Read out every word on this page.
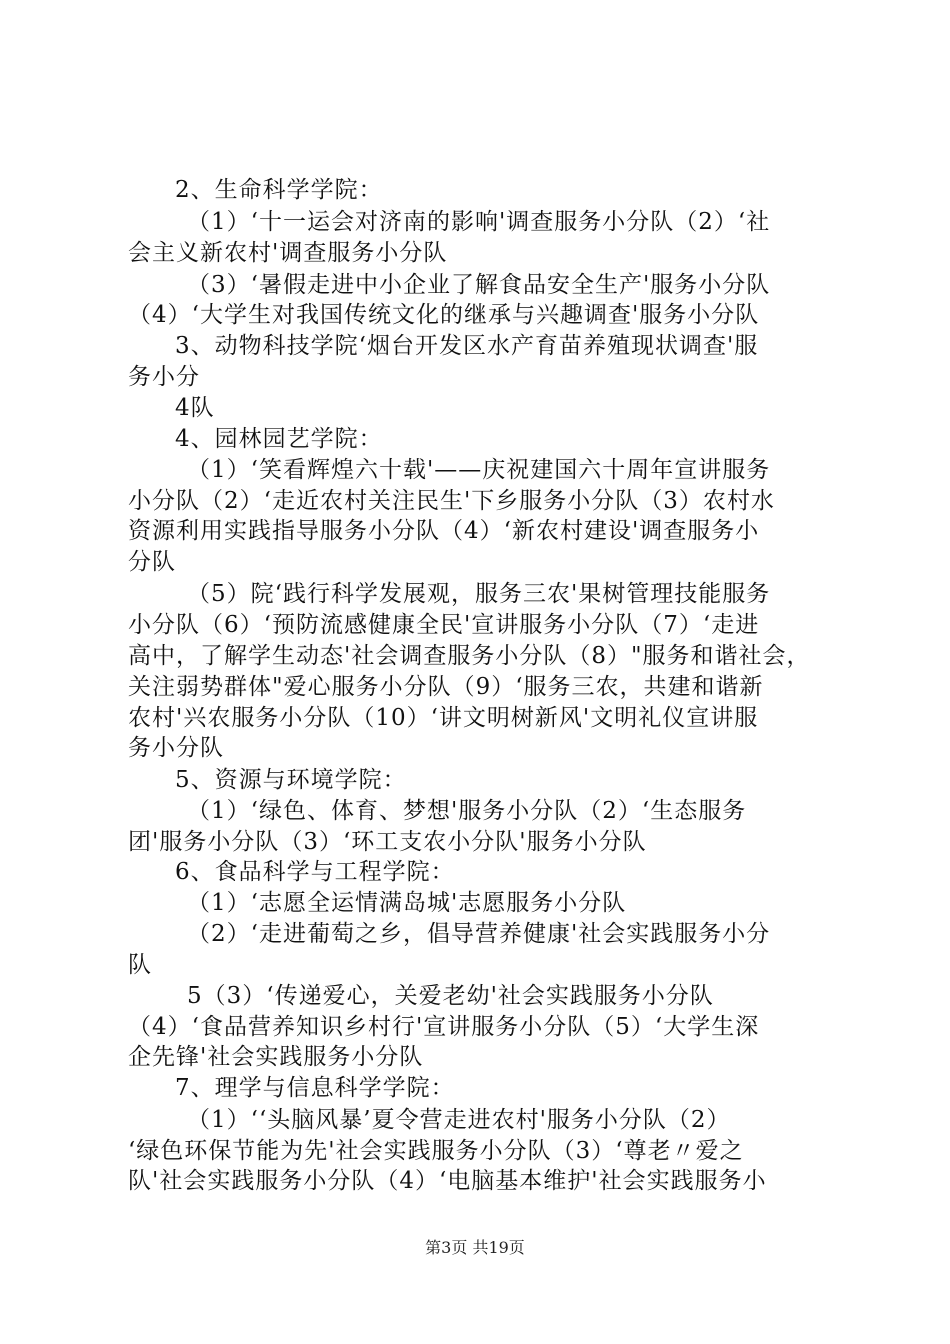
2、生命科学学院：
（1）‘十一运会对济南的影响'调查服务小分队（2）‘社
会主义新农村'调查服务小分队
（3）‘暑假走进中小企业了解食品安全生产'服务小分队
（4）‘大学生对我国传统文化的继承与兴趣调查'服务小分队
3、动物科技学院‘烟台开发区水产育苗养殖现状调查'服
务小分
4队
4、园林园艺学院：
（1）‘笑看辉煌六十载'——庆祝建国六十周年宣讲服务
小分队（2）‘走近农村关注民生'下乡服务小分队（3）农村水
资源利用实践指导服务小分队（4）‘新农村建设'调查服务小
分队
（5）院‘践行科学发展观，服务三农'果树管理技能服务
小分队（6）‘预防流感健康全民'宣讲服务小分队（7）‘走进
高中，了解学生动态'社会调查服务小分队（8）"服务和谐社会，
关注弱势群体"爱心服务小分队（9）‘服务三农，共建和谐新
农村'兴农服务小分队（10）‘讲文明树新风'文明礼仪宣讲服
务小分队
5、资源与环境学院：
（1）‘绿色、体育、梦想'服务小分队（2）‘生态服务
团'服务小分队（3）‘环工支农小分队'服务小分队
6、食品科学与工程学院：
（1）‘志愿全运情满岛城'志愿服务小分队
（2）‘走进葡萄之乡，倡导营养健康'社会实践服务小分
队
5（3）‘传递爱心，关爱老幼'社会实践服务小分队
（4）‘食品营养知识乡村行'宣讲服务小分队（5）‘大学生深
企先锋'社会实践服务小分队
7、理学与信息科学学院：
（1）‘‘头脑风暴’夏令营走进农村'服务小分队（2）
‘绿色环保节能为先'社会实践服务小分队（3）‘尊老〃爱之
队'社会实践服务小分队（4）‘电脑基本维护'社会实践服务小
第3页 共19页
